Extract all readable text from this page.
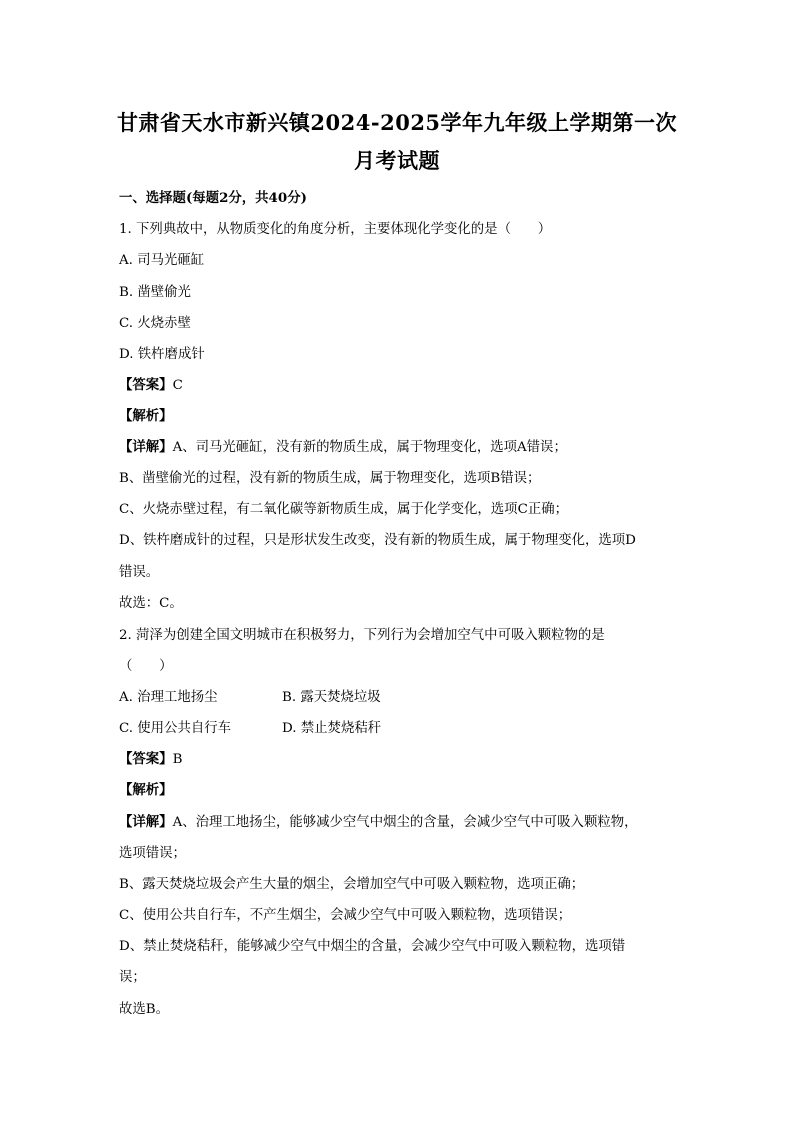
甘肃省天水市新兴镇2024-2025学年九年级上学期第一次
月考试题
一、选择题(每题2分，共40分)
1. 下列典故中，从物质变化的角度分析，主要体现化学变化的是（　　）
A. 司马光砸缸
B. 凿壁偷光
C. 火烧赤壁
D. 铁杵磨成针
【答案】C
【解析】
【详解】A、司马光砸缸，没有新的物质生成，属于物理变化，选项A错误；
B、凿壁偷光的过程，没有新的物质生成，属于物理变化，选项B错误；
C、火烧赤壁过程，有二氧化碳等新物质生成，属于化学变化，选项C正确；
D、铁杵磨成针的过程，只是形状发生改变，没有新的物质生成，属于物理变化，选项D
错误。
故选：C。
2. 菏泽为创建全国文明城市在积极努力，下列行为会增加空气中可吸入颗粒物的是
（　　）
A. 治理工地扬尘	B. 露天焚烧垃圾
C. 使用公共自行车	D. 禁止焚烧秸秆
【答案】B
【解析】
【详解】A、治理工地扬尘，能够减少空气中烟尘的含量，会减少空气中可吸入颗粒物，
选项错误；
B、露天焚烧垃圾会产生大量的烟尘，会增加空气中可吸入颗粒物，选项正确；
C、使用公共自行车，不产生烟尘，会减少空气中可吸入颗粒物，选项错误；
D、禁止焚烧秸秆，能够减少空气中烟尘的含量，会减少空气中可吸入颗粒物，选项错
误；
故选B。
